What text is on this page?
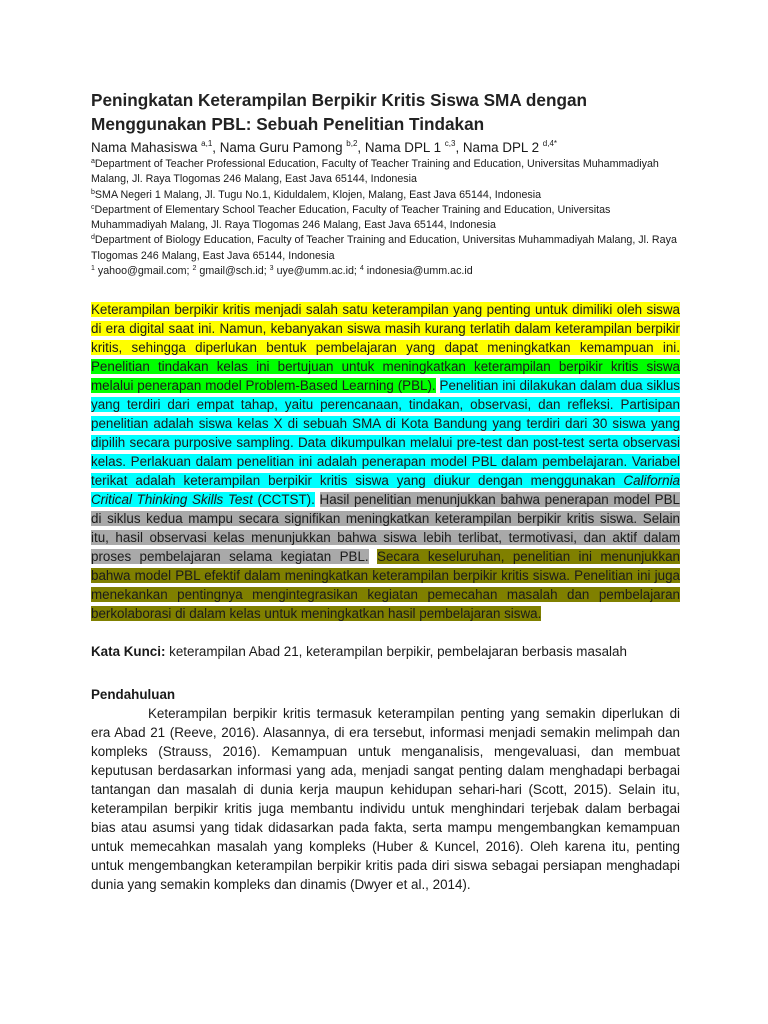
Peningkatan Keterampilan Berpikir Kritis Siswa SMA dengan
Menggunakan PBL: Sebuah Penelitian Tindakan
Nama Mahasiswa $^{a,1}$, Nama Guru Pamong $^{b,2}$, Nama DPL 1 $^{c,3}$, Nama DPL 2 $^{d,4*}$
$^a$Department of Teacher Professional Education, Faculty of Teacher Training and Education, Universitas Muhammadiyah Malang, Jl. Raya Tlogomas 246 Malang, East Java 65144, Indonesia
$^b$SMA Negeri 1 Malang, Jl. Tugu No.1, Kiduldalem, Klojen, Malang, East Java 65144, Indonesia
$^c$Department of Elementary School Teacher Education, Faculty of Teacher Training and Education, Universitas Muhammadiyah Malang, Jl. Raya Tlogomas 246 Malang, East Java 65144, Indonesia
$^d$Department of Biology Education, Faculty of Teacher Training and Education, Universitas Muhammadiyah Malang, Jl. Raya Tlogomas 246 Malang, East Java 65144, Indonesia
$^1$ yahoo@gmail.com; $^2$ gmail@sch.id; $^3$ uye@umm.ac.id; $^4$ indonesia@umm.ac.id
Keterampilan berpikir kritis menjadi salah satu keterampilan yang penting untuk dimiliki oleh siswa di era digital saat ini. Namun, kebanyakan siswa masih kurang terlatih dalam keterampilan berpikir kritis, sehingga diperlukan bentuk pembelajaran yang dapat meningkatkan kemampuan ini. Penelitian tindakan kelas ini bertujuan untuk meningkatkan keterampilan berpikir kritis siswa melalui penerapan model Problem-Based Learning (PBL). Penelitian ini dilakukan dalam dua siklus yang terdiri dari empat tahap, yaitu perencanaan, tindakan, observasi, dan refleksi. Partisipan penelitian adalah siswa kelas X di sebuah SMA di Kota Bandung yang terdiri dari 30 siswa yang dipilih secara purposive sampling. Data dikumpulkan melalui pre-test dan post-test serta observasi kelas. Perlakuan dalam penelitian ini adalah penerapan model PBL dalam pembelajaran. Variabel terikat adalah keterampilan berpikir kritis siswa yang diukur dengan menggunakan California Critical Thinking Skills Test (CCTST). Hasil penelitian menunjukkan bahwa penerapan model PBL di siklus kedua mampu secara signifikan meningkatkan keterampilan berpikir kritis siswa. Selain itu, hasil observasi kelas menunjukkan bahwa siswa lebih terlibat, termotivasi, dan aktif dalam proses pembelajaran selama kegiatan PBL. Secara keseluruhan, penelitian ini menunjukkan bahwa model PBL efektif dalam meningkatkan keterampilan berpikir kritis siswa. Penelitian ini juga menekankan pentingnya mengintegrasikan kegiatan pemecahan masalah dan pembelajaran berkolaborasi di dalam kelas untuk meningkatkan hasil pembelajaran siswa.
Kata Kunci: keterampilan Abad 21, keterampilan berpikir, pembelajaran berbasis masalah
Pendahuluan

Keterampilan berpikir kritis termasuk keterampilan penting yang semakin diperlukan di era Abad 21 (Reeve, 2016). Alasannya, di era tersebut, informasi menjadi semakin melimpah dan kompleks (Strauss, 2016). Kemampuan untuk menganalisis, mengevaluasi, dan membuat keputusan berdasarkan informasi yang ada, menjadi sangat penting dalam menghadapi berbagai tantangan dan masalah di dunia kerja maupun kehidupan sehari-hari (Scott, 2015). Selain itu, keterampilan berpikir kritis juga membantu individu untuk menghindari terjebak dalam berbagai bias atau asumsi yang tidak didasarkan pada fakta, serta mampu mengembangkan kemampuan untuk memecahkan masalah yang kompleks (Huber & Kuncel, 2016). Oleh karena itu, penting untuk mengembangkan keterampilan berpikir kritis pada diri siswa sebagai persiapan menghadapi dunia yang semakin kompleks dan dinamis (Dwyer et al., 2014).
